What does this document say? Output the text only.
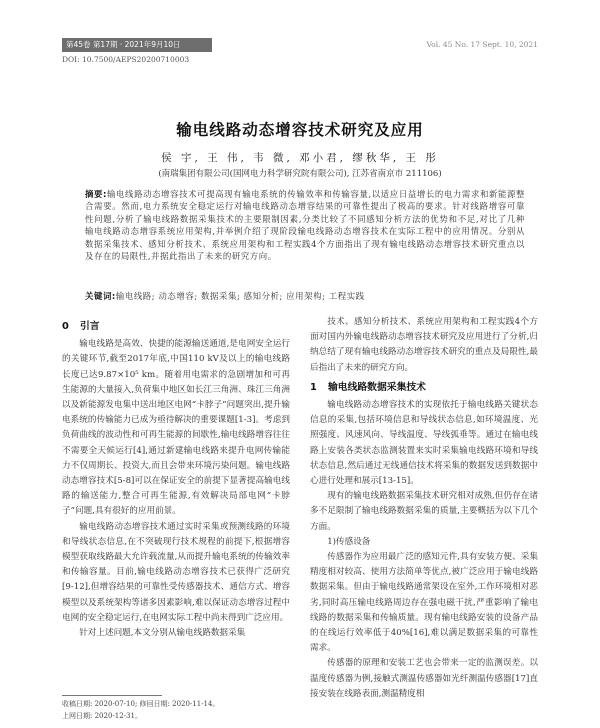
第45卷 第17期 · 2021年9月10日	Vol. 45 No. 17 Sept. 10, 2021
DOI: 10.7500/AEPS20200710003
输电线路动态增容技术研究及应用
侯 宇, 王 伟, 韦 微, 邓小君, 缪秋华, 王 彤
(南瑞集团有限公司(国网电力科学研究院有限公司), 江苏省南京市 211106)
摘要:输电线路动态增容技术可提高现有输电系统的传输效率和传输容量,以适应日益增长的电力需求和新能源整合需要。然而,电力系统安全稳定运行对输电线路动态增容结果的可靠性提出了极高的要求。针对线路增容可靠性问题,分析了输电线路数据采集技术的主要限制因素,分类比较了不同感知分析方法的优势和不足,对比了几种输电线路动态增容系统应用架构,并举例介绍了现阶段输电线路动态增容技术在实际工程中的应用情况。分别从数据采集技术、感知分析技术、系统应用架构和工程实践4个方面指出了现有输电线路动态增容技术研究重点以及存在的局限性,并据此指出了未来的研究方向。
关键词:输电线路; 动态增容; 数据采集; 感知分析; 应用架构; 工程实践
0 引言

输电线路是高效、快捷的能源输送通道,是电网安全运行的关键环节,截至2017年底,中国110 kV及以上的输电线路长度已达9.87×10⁵ km。随着用电需求的急剧增加和可再生能源的大量接入,负荷集中地区如长江三角洲、珠江三角洲以及新能源发电集中送出地区电网“卡脖子”问题突出,提升输电系统的传输能力已成为亟待解决的重要课题[1-3]。考虑到负荷曲线的波动性和可再生能源的间歇性,输电线路增容往往不需要全天候运行[4],通过新建输电线路来提升电网传输能力不仅周期长、投资大,而且会带来环境污染问题。输电线路动态增容技术[5-8]可以在保证安全的前提下显著提高输电线路的输送能力,整合可再生能源,有效解决局部电网“卡脖子”问题,具有很好的应用前景。

输电线路动态增容技术通过实时采集或预测线路的环境和导线状态信息,在不突破现行技术规程的前提下,根据增容模型获取线路最大允许载流量,从而提升输电系统的传输效率和传输容量。目前,输电线路动态增容技术已获得广泛研究[9-12],但增容结果的可靠性受传感器技术、通信方式、增容模型以及系统架构等诸多因素影响,难以保证动态增容过程中电网的安全稳定运行,在电网实际工程中尚未得到广泛应用。

针对上述问题,本文分别从输电线路数据采集

技术、感知分析技术、系统应用架构和工程实践4个方面对国内外输电线路动态增容技术研究及应用进行了分析,归纳总结了现有输电线路动态增容技术研究的重点及局限性,最后指出了未来的研究方向。

1 输电线路数据采集技术

输电线路动态增容技术的实现依托于输电线路关键状态信息的采集,包括环境信息和导线状态信息,如环境温度、光照强度、风速风向、导线温度、导线弧垂等。通过在输电线路上安装各类状态监测装置来实时采集输电线路环境和导线状态信息,然后通过无线通信技术将采集的数据发送到数据中心进行处理和展示[13-15]。

现有的输电线路数据采集技术研究相对成熟,但仍存在诸多不足限制了输电线路数据采集的质量,主要概括为以下几个方面。

1)传感设备

传感器作为应用最广泛的感知元件,具有安装方便、采集精度相对较高、使用方法简单等优点,被广泛应用于输电线路数据采集。但由于输电线路通常架设在室外,工作环境相对恶劣,同时高压输电线路周边存在强电磁干扰,严重影响了输电线路的数据采集和传输质量。现有输电线路安装的设备产品的在线运行效率低于40%[16],难以满足数据采集的可靠性需求。

传感器的原理和安装工艺也会带来一定的监测误差。以温度传感器为例,接触式测温传感器如光纤测温传感器[17]直接安装在线路表面,测温精度相

收稿日期: 2020-07-10; 修回日期: 2020-11-14。
上网日期: 2020-12-31。
